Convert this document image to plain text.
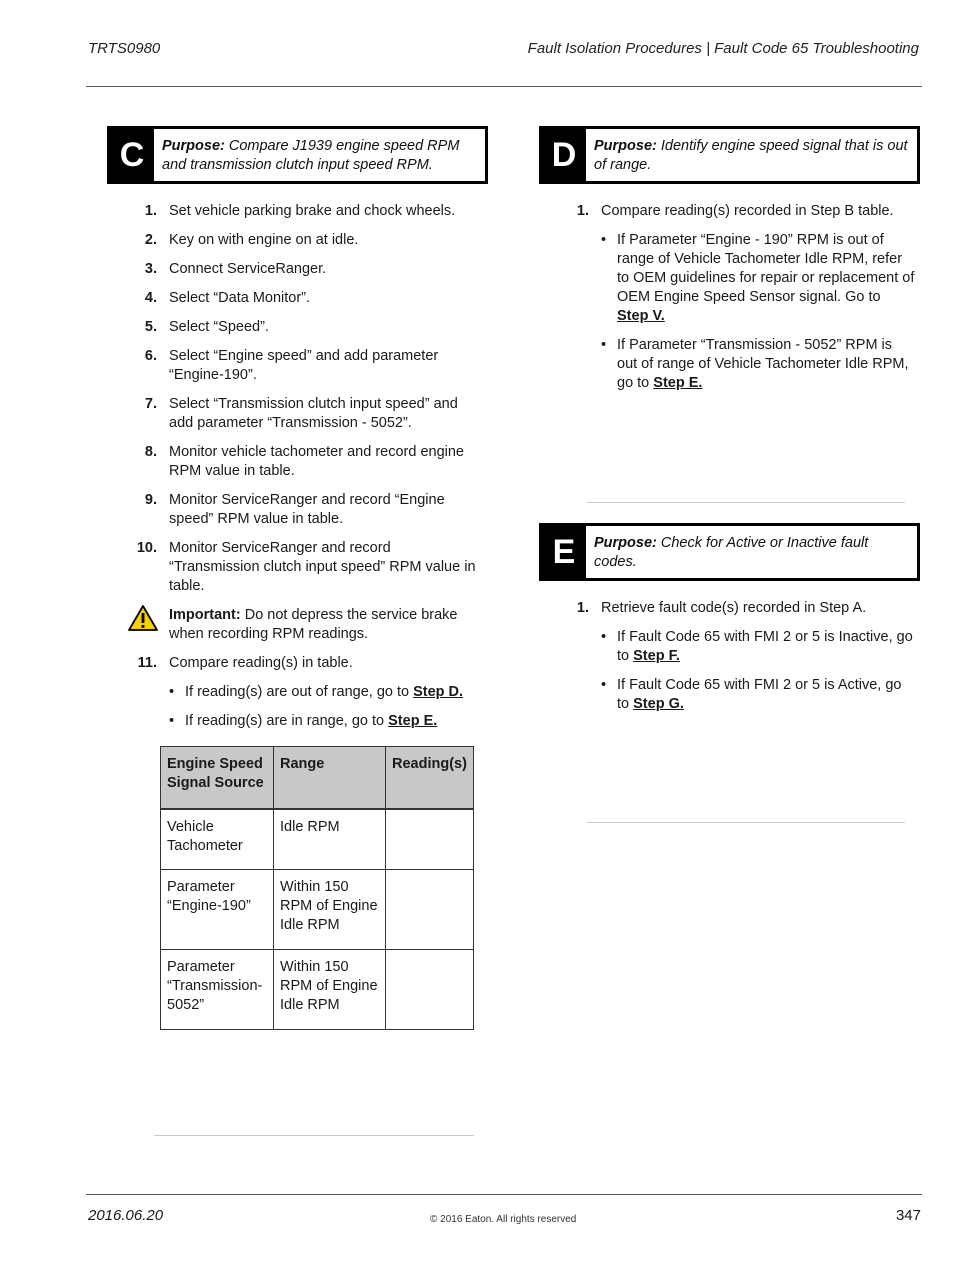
TRTS0980	Fault Isolation Procedures | Fault Code 65 Troubleshooting
C	Purpose: Compare J1939 engine speed RPM and transmission clutch input speed RPM.
1. Set vehicle parking brake and chock wheels.
2. Key on with engine on at idle.
3. Connect ServiceRanger.
4. Select “Data Monitor”.
5. Select “Speed”.
6. Select “Engine speed” and add parameter “Engine-190”.
7. Select “Transmission clutch input speed” and add parameter “Transmission - 5052”.
8. Monitor vehicle tachometer and record engine RPM value in table.
9. Monitor ServiceRanger and record “Engine speed” RPM value in table.
10. Monitor ServiceRanger and record “Transmission clutch input speed” RPM value in table.
Important: Do not depress the service brake when recording RPM readings.
11. Compare reading(s) in table.
• If reading(s) are out of range, go to Step D.
• If reading(s) are in range, go to Step E.
Engine Speed Signal Source	Range	Reading(s)
Vehicle Tachometer	Idle RPM	
Parameter “Engine-190”	Within 150 RPM of Engine Idle RPM	
Parameter “Transmission-5052”	Within 150 RPM of Engine Idle RPM	
D	Purpose: Identify engine speed signal that is out of range.
1. Compare reading(s) recorded in Step B table.
• If Parameter “Engine - 190” RPM is out of range of Vehicle Tachometer Idle RPM, refer to OEM guidelines for repair or replacement of OEM Engine Speed Sensor signal. Go to Step V.
• If Parameter “Transmission - 5052” RPM is out of range of Vehicle Tachometer Idle RPM, go to Step E.
E	Purpose: Check for Active or Inactive fault codes.
1. Retrieve fault code(s) recorded in Step A.
• If Fault Code 65 with FMI 2 or 5 is Inactive, go to Step F.
• If Fault Code 65 with FMI 2 or 5 is Active, go to Step G.
2016.06.20	© 2016 Eaton. All rights reserved	347
